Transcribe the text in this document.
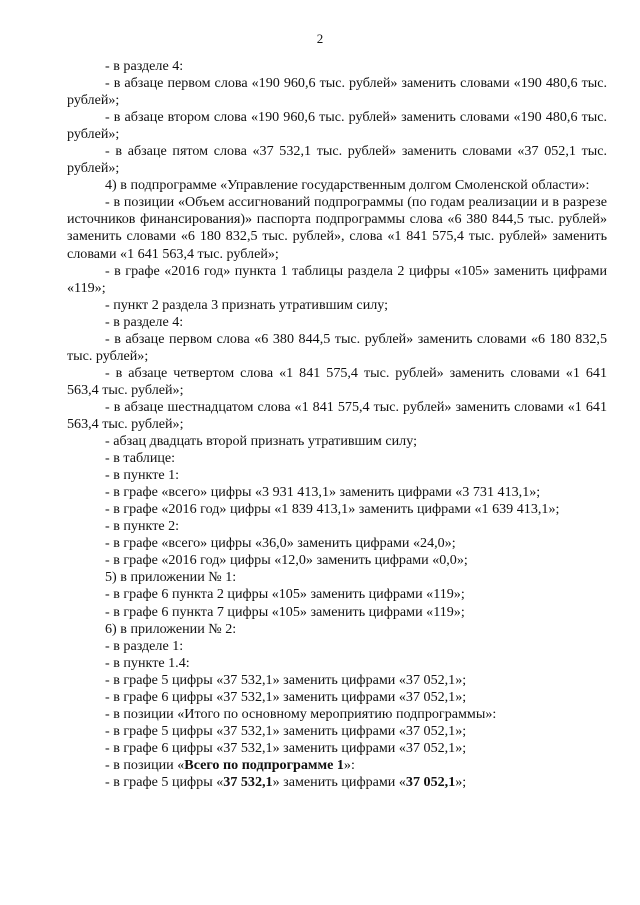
2

- в разделе 4:

- в абзаце первом слова «190 960,6 тыс. рублей» заменить словами «190 480,6 тыс. рублей»;

- в абзаце втором слова «190 960,6 тыс. рублей» заменить словами «190 480,6 тыс. рублей»;

- в абзаце пятом слова «37 532,1 тыс. рублей» заменить словами «37 052,1 тыс. рублей»;

4) в подпрограмме «Управление государственным долгом Смоленской области»:

- в позиции «Объем ассигнований подпрограммы (по годам реализации и в разрезе источников финансирования)» паспорта подпрограммы слова «6 380 844,5 тыс. рублей» заменить словами «6 180 832,5 тыс. рублей», слова «1 841 575,4 тыс. рублей» заменить словами «1 641 563,4 тыс. рублей»;

- в графе «2016 год» пункта 1 таблицы раздела 2 цифры «105» заменить цифрами «119»;

- пункт 2 раздела 3 признать утратившим силу;

- в разделе 4:

- в абзаце первом слова «6 380 844,5 тыс. рублей» заменить словами «6 180 832,5 тыс. рублей»;

- в абзаце четвертом слова «1 841 575,4 тыс. рублей» заменить словами «1 641 563,4 тыс. рублей»;

- в абзаце шестнадцатом слова «1 841 575,4 тыс. рублей» заменить словами «1 641 563,4 тыс. рублей»;

- абзац двадцать второй признать утратившим силу;

- в таблице:

- в пункте 1:

- в графе «всего» цифры «3 931 413,1» заменить цифрами «3 731 413,1»;

- в графе «2016 год» цифры «1 839 413,1» заменить цифрами «1 639 413,1»;

- в пункте 2:

- в графе «всего» цифры «36,0» заменить цифрами «24,0»;

- в графе «2016 год» цифры «12,0» заменить цифрами «0,0»;

5) в приложении № 1:

- в графе 6 пункта 2 цифры «105» заменить цифрами «119»;

- в графе 6 пункта 7 цифры «105» заменить цифрами «119»;

6) в приложении № 2:

- в разделе 1:

- в пункте 1.4:

- в графе 5 цифры «37 532,1» заменить цифрами «37 052,1»;

- в графе 6 цифры «37 532,1» заменить цифрами «37 052,1»;

- в позиции «Итого по основному мероприятию подпрограммы»:

- в графе 5 цифры «37 532,1» заменить цифрами «37 052,1»;

- в графе 6 цифры «37 532,1» заменить цифрами «37 052,1»;

- в позиции «Всего по подпрограмме 1»:

- в графе 5 цифры «37 532,1» заменить цифрами «37 052,1»;
